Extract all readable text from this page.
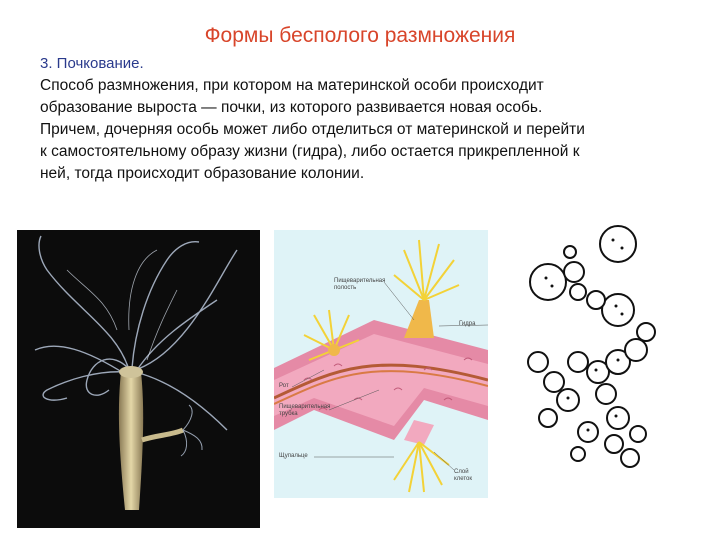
Формы бесполого размножения
3. Почкование.
Способ размножения, при котором на материнской особи происходит
образование выроста — почки, из которого развивается новая особь.
Причем, дочерняя особь может либо отделиться от материнской и перейти
к самостоятельному образу жизни (гидра), либо остается прикрепленной к
ней, тогда происходит образование колонии.
Пищеварительная
полость
Гидра
Рот
Пищеварительная
трубка
Щупальце
Слой
клеток
